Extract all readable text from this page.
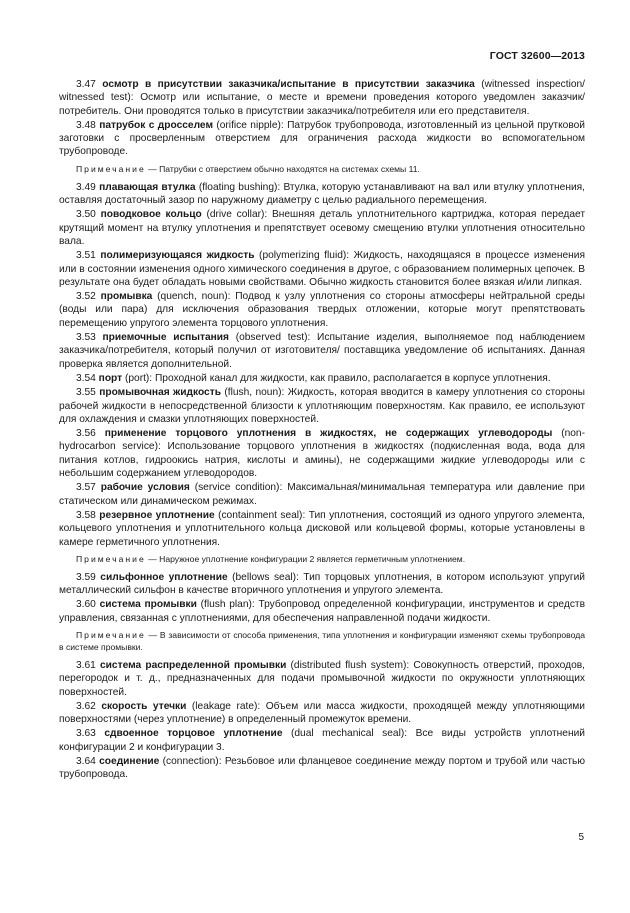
ГОСТ 32600—2013

3.47 осмотр в присутствии заказчика/испытание в присутствии заказчика (witnessed inspection/ witnessed test): Осмотр или испытание, о месте и времени проведения которого уведомлен заказчик/потребитель. Они проводятся только в присутствии заказчика/потребителя или его представителя.

3.48 патрубок с дросселем (orifice nipple): Патрубок трубопровода, изготовленный из цельной прутковой заготовки с просверленным отверстием для ограничения расхода жидкости во вспомогательном трубопроводе.

Примечание — Патрубки с отверстием обычно находятся на системах схемы 11.

3.49 плавающая втулка (floating bushing): Втулка, которую устанавливают на вал или втулку уплотнения, оставляя достаточный зазор по наружному диаметру с целью радиального перемещения.

3.50 поводковое кольцо (drive collar): Внешняя деталь уплотнительного картриджа, которая передает крутящий момент на втулку уплотнения и препятствует осевому смещению втулки уплотнения относительно вала.

3.51 полимеризующаяся жидкость (polymerizing fluid): Жидкость, находящаяся в процессе изменения или в состоянии изменения одного химического соединения в другое, с образованием полимерных цепочек. В результате она будет обладать новыми свойствами. Обычно жидкость становится более вязкая и/или липкая.

3.52 промывка (quench, noun): Подвод к узлу уплотнения со стороны атмосферы нейтральной среды (воды или пара) для исключения образования твердых отложении, которые могут препятствовать перемещению упругого элемента торцового уплотнения.

3.53 приемочные испытания (observed test): Испытание изделия, выполняемое под наблюдением заказчика/потребителя, который получил от изготовителя/ поставщика уведомление об испытаниях. Данная проверка является дополнительной.

3.54 порт (port): Проходной канал для жидкости, как правило, располагается в корпусе уплотнения.

3.55 промывочная жидкость (flush, noun): Жидкость, которая вводится в камеру уплотнения со стороны рабочей жидкости в непосредственной близости к уплотняющим поверхностям. Как правило, ее используют для охлаждения и смазки уплотняющих поверхностей.

3.56 применение торцового уплотнения в жидкостях, не содержащих углеводороды (non-hydrocarbon service): Использование торцового уплотнения в жидкостях (подкисленная вода, вода для питания котлов, гидроокись натрия, кислоты и амины), не содержащими жидкие углеводороды или с небольшим содержанием углеводородов.

3.57 рабочие условия (service condition): Максимальная/минимальная температура или давление при статическом или динамическом режимах.

3.58 резервное уплотнение (containment seal): Тип уплотнения, состоящий из одного упругого элемента, кольцевого уплотнения и уплотнительного кольца дисковой или кольцевой формы, которые установлены в камере герметичного уплотнения.

Примечание — Наружное уплотнение конфигурации 2 является герметичным уплотнением.

3.59 сильфонное уплотнение (bellows seal): Тип торцовых уплотнения, в котором используют упругий металлический сильфон в качестве вторичного уплотнения и упругого элемента.

3.60 система промывки (flush plan): Трубопровод определенной конфигурации, инструментов и средств управления, связанная с уплотнениями, для обеспечения направленной подачи жидкости.

Примечание — В зависимости от способа применения, типа уплотнения и конфигурации изменяют схемы трубопровода в системе промывки.

3.61 система распределенной промывки (distributed flush system): Совокупность отверстий, проходов, перегородок и т. д., предназначенных для подачи промывочной жидкости по окружности уплотняющих поверхностей.

3.62 скорость утечки (leakage rate): Объем или масса жидкости, проходящей между уплотняющими поверхностями (через уплотнение) в определенный промежуток времени.

3.63 сдвоенное торцовое уплотнение (dual mechanical seal): Все виды устройств уплотнений конфигурации 2 и конфигурации 3.

3.64 соединение (connection): Резьбовое или фланцевое соединение между портом и трубой или частью трубопровода.

5
